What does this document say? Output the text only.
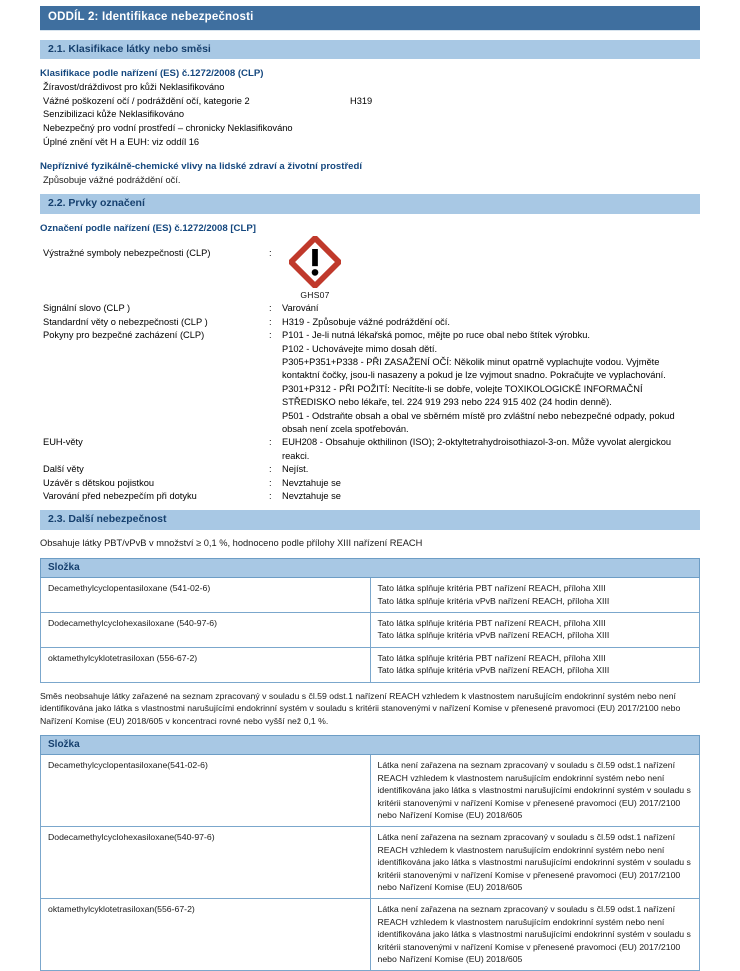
ODDÍL 2: Identifikace nebezpečnosti
2.1. Klasifikace látky nebo směsi
Klasifikace podle nařízení (ES) č.1272/2008 (CLP)
Žíravost/dráždivost pro kůži Neklasifikováno
Vážné poškození očí / podráždění očí, kategorie 2	H319
Senzibilizaci kůže Neklasifikováno
Nebezpečný pro vodní prostředí – chronicky Neklasifikováno
Úplné znění vět H a EUH: viz oddíl 16
Nepříznivé fyzikálně-chemické vlivy na lidské zdraví a životní prostředí
Způsobuje vážné podráždění očí.
2.2. Prvky označení
Označení podle nařízení (ES) č.1272/2008 [CLP]
Výstražné symboly nebezpečnosti (CLP)	:
GHS07
Signální slovo (CLP )	:	Varování

Standardní věty o nebezpečnosti (CLP )	:	H319 - Způsobuje vážné podráždění očí.

Pokyny pro bezpečné zacházení (CLP)	:	P101 - Je-li nutná lékařská pomoc, mějte po ruce obal nebo štítek výrobku.

P102 - Uchovávejte mimo dosah dětí.

P305+P351+P338 - PŘI ZASAŽENÍ OČÍ: Několik minut opatrně vyplachujte vodou. Vyjměte kontaktní čočky, jsou-li nasazeny a pokud je lze vyjmout snadno. Pokračujte ve vyplachování.

P301+P312 - PŘI POŽITÍ: Necítíte-li se dobře, volejte TOXIKOLOGICKÉ INFORMAČNÍ STŘEDISKO nebo lékaře, tel. 224 919 293 nebo 224 915 402 (24 hodin denně).

P501 - Odstraňte obsah a obal ve sběrném místě pro zvláštní nebo nebezpečné odpady, pokud obsah není zcela spotřebován.

EUH-věty	:	EUH208 - Obsahuje okthilinon (ISO); 2-oktyltetrahydroisothiazol-3-on. Může vyvolat alergickou reakci.

Další věty	:	Nejíst.

Uzávěr s dětskou pojistkou	:	Nevztahuje se

Varování před nebezpečím při dotyku	:	Nevztahuje se

2.3. Další nebezpečnost
Obsahuje látky PBT/vPvB v množství ≥ 0,1 %, hodnoceno podle přílohy XIII nařízení REACH
Složka	
Decamethylcyclopentasiloxane (541-02-6)	Tato látka splňuje kritéria PBT nařízení REACH, příloha XIII
Tato látka splňuje kritéria vPvB nařízení REACH, příloha XIII

Dodecamethylcyclohexasiloxane (540-97-6)	Tato látka splňuje kritéria PBT nařízení REACH, příloha XIII
Tato látka splňuje kritéria vPvB nařízení REACH, příloha XIII

oktamethylcyklotetrasiloxan (556-67-2)	Tato látka splňuje kritéria PBT nařízení REACH, příloha XIII
Tato látka splňuje kritéria vPvB nařízení REACH, příloha XIII
Směs neobsahuje látky zařazené na seznam zpracovaný v souladu s čl.59 odst.1 nařízení REACH vzhledem k vlastnostem narušujícím endokrinní systém nebo není identifikována jako látka s vlastnostmi narušujícími endokrinní systém v souladu s kritérii stanovenými v nařízení Komise v přenesené pravomoci (EU) 2017/2100 nebo Nařízení Komise (EU) 2018/605 v koncentraci rovné nebo vyšší než 0,1 %.
Složka	
Decamethylcyclopentasiloxane(541-02-6)	Látka není zařazena na seznam zpracovaný v souladu s čl.59 odst.1 nařízení REACH vzhledem k vlastnostem narušujícím endokrinní systém nebo není identifikována jako látka s vlastnostmi narušujícími endokrinní systém v souladu s kritérii stanovenými v nařízení Komise v přenesené pravomoci (EU) 2017/2100 nebo Nařízení Komise (EU) 2018/605

Dodecamethylcyclohexasiloxane(540-97-6)	Látka není zařazena na seznam zpracovaný v souladu s čl.59 odst.1 nařízení REACH vzhledem k vlastnostem narušujícím endokrinní systém nebo není identifikována jako látka s vlastnostmi narušujícími endokrinní systém v souladu s kritérii stanovenými v nařízení Komise v přenesené pravomoci (EU) 2017/2100 nebo Nařízení Komise (EU) 2018/605

oktamethylcyklotetrasiloxan(556-67-2)	Látka není zařazena na seznam zpracovaný v souladu s čl.59 odst.1 nařízení REACH vzhledem k vlastnostem narušujícím endokrinní systém nebo není identifikována jako látka s vlastnostmi narušujícími endokrinní systém v souladu s kritérii stanovenými v nařízení Komise v přenesené pravomoci (EU) 2017/2100 nebo Nařízení Komise (EU) 2018/605
